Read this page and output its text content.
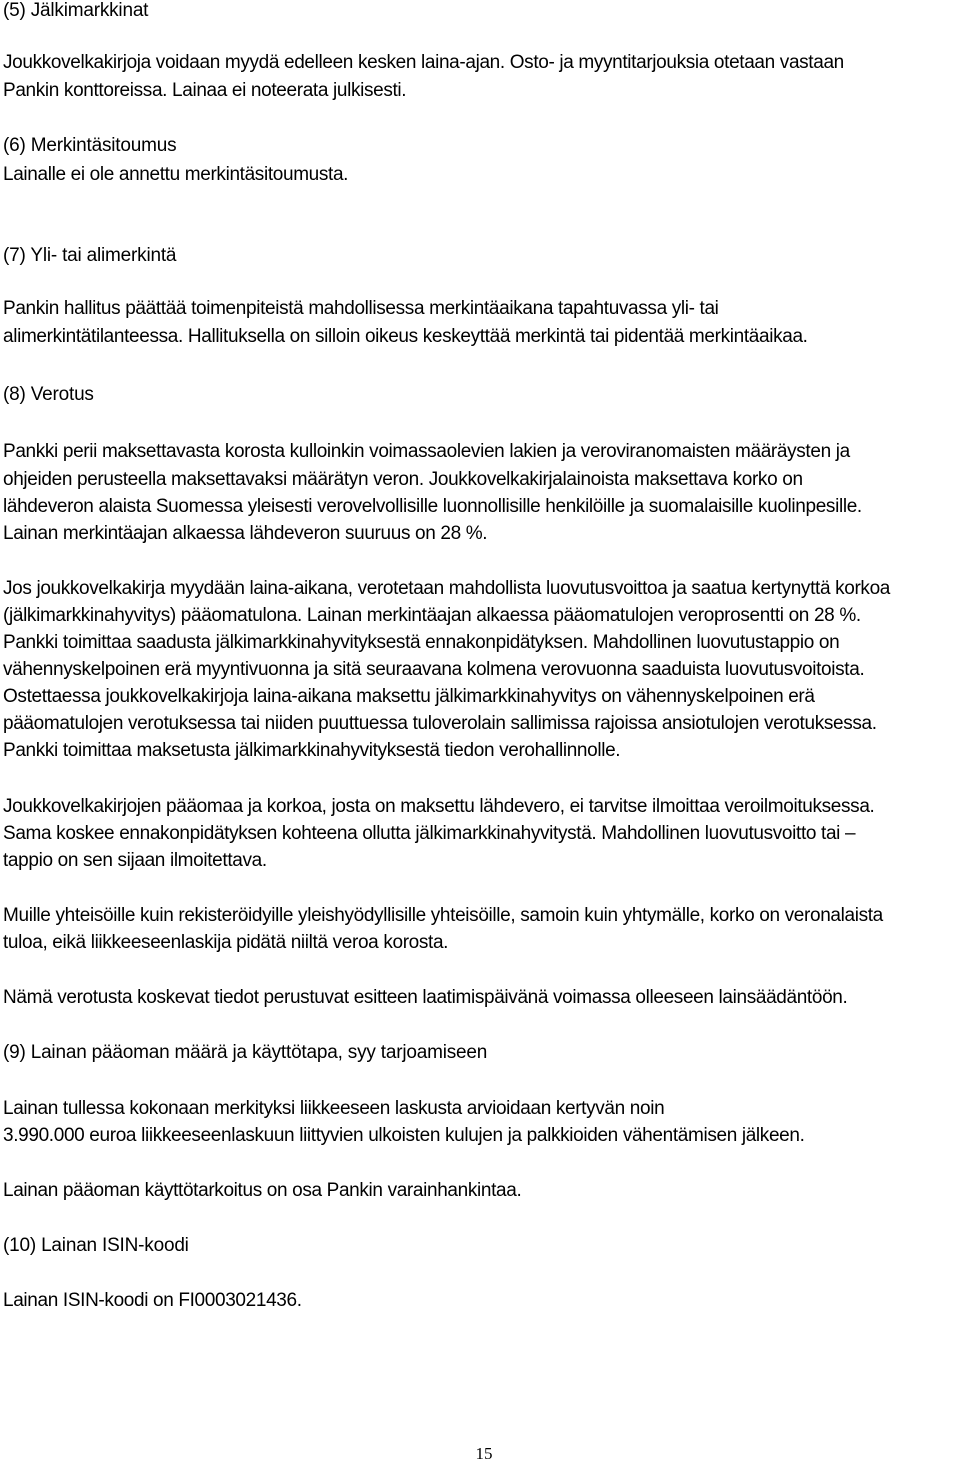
(5) Jälkimarkkinat

Joukkovelkakirjoja voidaan myydä edelleen kesken laina-ajan. Osto- ja myyntitarjouksia otetaan vastaan

Pankin konttoreissa. Lainaa ei noteerata julkisesti.

(6) Merkintäsitoumus

Lainalle ei ole annettu merkintäsitoumusta.

(7) Yli- tai alimerkintä

Pankin hallitus päättää toimenpiteistä mahdollisessa merkintäaikana tapahtuvassa yli- tai

alimerkintätilanteessa. Hallituksella on silloin oikeus keskeyttää merkintä tai pidentää merkintäaikaa.

(8) Verotus

Pankki perii maksettavasta korosta kulloinkin voimassaolevien lakien ja veroviranomaisten määräysten ja

ohjeiden perusteella maksettavaksi määrätyn veron. Joukkovelkakirjalainoista maksettava korko on

lähdeveron alaista Suomessa yleisesti verovelvollisille luonnollisille henkilöille ja suomalaisille kuolinpesille.

Lainan merkintäajan alkaessa lähdeveron suuruus on 28 %.

Jos joukkovelkakirja myydään laina-aikana, verotetaan mahdollista luovutusvoittoa ja saatua kertynyttä korkoa

(jälkimarkkinahyvitys) pääomatulona. Lainan merkintäajan alkaessa pääomatulojen veroprosentti on 28 %.

Pankki toimittaa saadusta jälkimarkkinahyvityksestä ennakonpidätyksen. Mahdollinen luovutustappio on

vähennyskelpoinen erä myyntivuonna ja sitä seuraavana kolmena verovuonna saaduista luovutusvoitoista.

Ostettaessa joukkovelkakirjoja laina-aikana maksettu jälkimarkkinahyvitys on vähennyskelpoinen erä

pääomatulojen verotuksessa tai niiden puuttuessa tuloverolain sallimissa rajoissa ansiotulojen verotuksessa.

Pankki toimittaa maksetusta jälkimarkkinahyvityksestä tiedon verohallinnolle.

Joukkovelkakirjojen pääomaa ja korkoa, josta on maksettu lähdevero, ei tarvitse ilmoittaa veroilmoituksessa.

Sama koskee ennakonpidätyksen kohteena ollutta jälkimarkkinahyvitystä. Mahdollinen luovutusvoitto tai –

tappio on sen sijaan ilmoitettava.

Muille yhteisöille kuin rekisteröidyille yleishyödyllisille yhteisöille, samoin kuin yhtymälle, korko on veronalaista

tuloa, eikä liikkeeseenlaskija pidätä niiltä veroa korosta.

Nämä verotusta koskevat tiedot perustuvat esitteen laatimispäivänä voimassa olleeseen lainsäädäntöön.

(9) Lainan pääoman määrä ja käyttötapa, syy tarjoamiseen

Lainan tullessa kokonaan merkityksi liikkeeseen laskusta arvioidaan kertyvän noin

3.990.000 euroa liikkeeseenlaskuun liittyvien ulkoisten kulujen ja palkkioiden vähentämisen jälkeen.

Lainan pääoman käyttötarkoitus on osa Pankin varainhankintaa.

(10) Lainan ISIN-koodi

Lainan ISIN-koodi on FI0003021436.

15
